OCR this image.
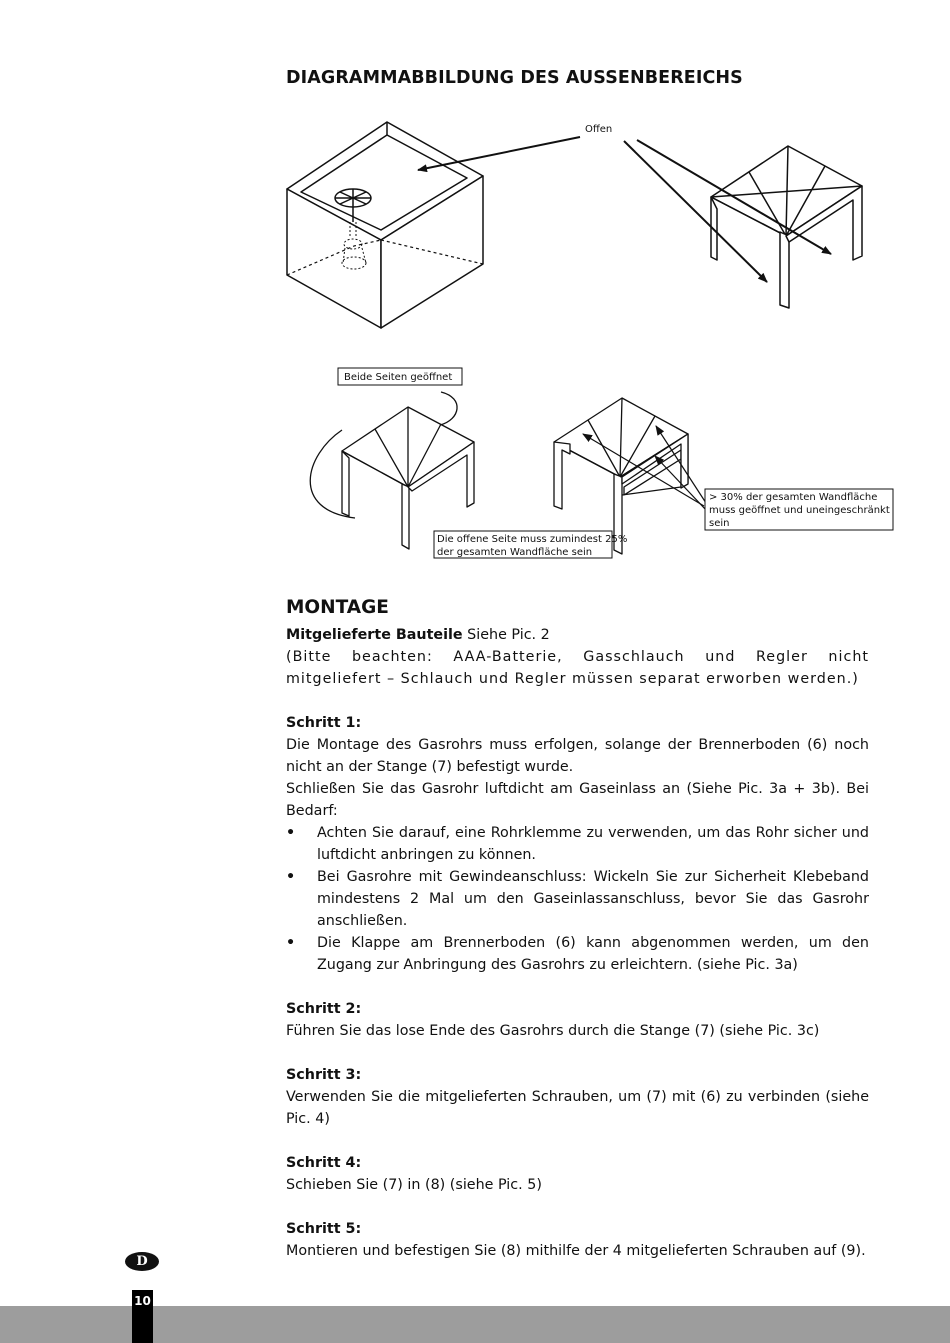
DIAGRAMMABBILDUNG DES AUSSENBEREICHS
Offen
Beide Seiten geöffnet
Die offene Seite muss zumindest 25%
der gesamten Wandfläche sein
> 30% der gesamten Wandfläche
muss geöffnet und uneingeschränkt
sein
MONTAGE

Mitgelieferte Bauteile Siehe Pic. 2

(Bitte beachten: AAA-Batterie, Gasschlauch und Regler nicht mitgeliefert – Schlauch und Regler müssen separat erworben werden.)

Schritt 1:

Die Montage des Gasrohrs muss erfolgen, solange der Brennerboden (6) noch nicht an der Stange (7) befestigt wurde.

Schließen Sie das Gasrohr luftdicht am Gaseinlass an (Siehe Pic. 3a + 3b). Bei Bedarf:

• Achten Sie darauf, eine Rohrklemme zu verwenden, um das Rohr sicher und luftdicht anbringen zu können.
• Bei Gasrohre mit Gewindeanschluss: Wickeln Sie zur Sicherheit Klebeband mindestens 2 Mal um den Gaseinlassanschluss, bevor Sie das Gasrohr anschließen.
• Die Klappe am Brennerboden (6) kann abgenommen werden, um den Zugang zur Anbringung des Gasrohrs zu erleichtern. (siehe Pic. 3a)

Schritt 2:

Führen Sie das lose Ende des Gasrohrs durch die Stange (7) (siehe Pic. 3c)

Schritt 3:

Verwenden Sie die mitgelieferten Schrauben, um (7) mit (6) zu verbinden (siehe Pic. 4)

Schritt 4:

Schieben Sie (7) in (8) (siehe Pic. 5)

Schritt 5:

Montieren und befestigen Sie (8) mithilfe der 4 mitgelieferten Schrauben auf (9).

D
10
